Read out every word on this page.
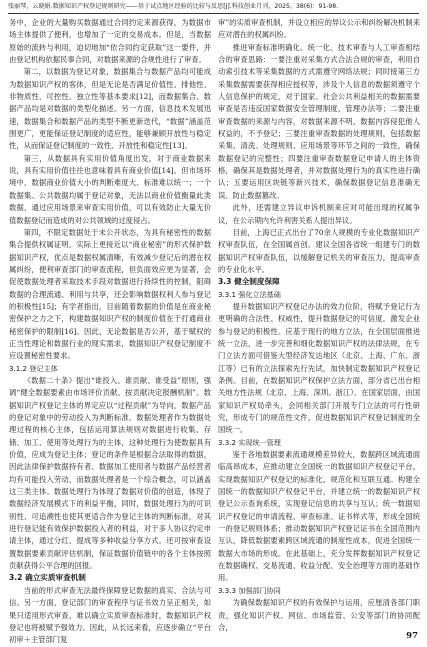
张丽琴，云晓娟.数据知识产权登记规则研究——基于试点地区经验的比较与反思[J].科技创业月刊，2025，38(6)：91-98.

务中，企业的大量购买数据通过合同约定来源获得，为数据市场主体提供了便利，也增加了一定的交易成本。但是，当数据原始的流转与利用，迫切地加“依合同约定获取”这一要件，并由登记机构依据民事合同，对数据来源的合规性进行了审查。

第二，以数据为登记对象，数据集合与数据产品均可能成为数据知识产权的客体，但是无论是否满足价值性、排他性、非物质性、可控性、独立性等基本要求[12]，而数据集合、数据产品均是对数据的类型化描述。另一方面，信息技术发展迅速，数据集合和数据产品的类型不断更新迭代，“数据”涵盖范围更广，更能保证登记制度的适应性，能够兼顾开放性与稳定性，从而保证登记制度的一致性、开放性和稳定性[13]。

第三，从数据具有实用价值角度出发，对于商业数据来说，具有实用价值往往也意味着具有商业价值[14]。但市场环境中，数据商业价值大小的判断难度大、标准难以统一；一个数据集、公共数据均属于登记对象，无法以商业价值衡量此类数据，通过应用场景来审查实用价值，可以有效防止大量无价值数据登记而造成的对公共领域的过度侵占。

第四，不限定数据处于未公开状态，为具有秘密性的数据集合提供权属证明。实际上更接近以“商业秘密”的形式保护数据知识产权，优点是数据权属清晰，有效减少登记后的潜在权属纠纷，便利审查部门的审查流程，但负面效应更为显著，会促使数据处理者采取技术手段对数据进行持续性的控制，阻碍数据的合理流通、利用与共享，还会影响数据权利人参与登记的积极性[15]；有学者指出，目前随着数据的价值是在商业秘密保护之力之下，构建数据知识产权的制度价值在于打通商业秘密保护的限制[16]。因此，无论数据是否公开，基于赋权的正当性理论和数据行业的现实需求，数据知识产权登记制度不应设置秘密性要求。

3.1.2 登记主体

《数据二十条》提出“谁投入、谁贡献、谁受益”原则，强调“健全数据要素由市场评价贡献、按贡献决定报酬机制”。数据知识产权登记主体的界定应以“过程贡献”为导向，数据产品的登记对象中的劳动投入为判断标准。数据处理者作为数据处理过程的核心主体，包括运用算法规则对数据进行收集、存储、加工、使用等处理行为的主体，这种处理行为使数据具有价值，应成为登记主体；登记的条件是根据合法取得的数据，因此法律保护数据持有者、数据加工使用者与数据产品经营者均有可能投入劳动，而数据处理者是一个综合概念，可以涵盖这三类主体。数据处理行为体现了数据对价值的创造，体现了数据经济发展模式下的利益平衡，同时，数据处理行为的可识别性、可追溯性也使其更适合作为登记主体的判断标准，对其进行登记能有效保护数据投入者的利益，对于多人协议约定申请主体，通过分红、提成等多种收益分享方式。还可按审查设置数据要素贡献评估机制，保证数据价值链中的各个主体按照贡献获得公平合理的回报。

3.2 确立实质审查机制

当前的形式审查无法最终保障登记数据的真实、合法与可信。另一方面，登记部门的审查程序与证书效力呈正相关，如果只适用形式审查，难以确立实质审查标准时，数据知识产权登记也将被赋予强效力。因此，从长远来看，应逐步确立“平台初审＋主管部门复

审”的实质审查机制，并设立相应的异议公示和纠纷解决机制来应对潜在的权属纠纷。

推进审查标准明确化、统一化、技术审查与人工审查相结合的审查思路：一要注重对采集方式合法合规的审查，利用自动索引技术等采集数据的方式需遵守网络法规；同时接第三方采集数据需要获得相应授权等，涉及个人信息的数据须遵守个人信息保护的规定，对于国家、社会公共利益相关的数据需要审查是否违反国家数据安全管理制度、管理办法等；二要注重审查数据的来源与内容，对数据来源不明、数据内容侵犯他人权益的，不予登记；三要注重审查数据的处理规则，包括数据采集、清洗、处理规则、应用场景等环节之间的一致性，确保数据登记的完整性；四要注重审查数据登记申请人的主体资格，确保其是数据处理者，并对数据处理行为的真实性进行确认；五要运用区块链等新兴技术，确保数据登记信息准确无误、防止数据篡改。

此外，还需建立异议申诉机制来应对可能出现的权属争议，在公示期内允许利害关系人提出异议。

目前，上海已正式出台了70余人规模的专业化数据知识产权审查队伍，在全国属首创。建议全国各省统一组建专门的数据知识产权审查队伍，以缓解登记机关的审查压力，提高审查的专业化水平。

3.3 健全制度保障

3.3.1 强化立法基础

提升数据知识产权登记办法的效力位阶，将赋予登记行为更明确的合法性、权威性，提升数据登记的可信度，激发企业参与登记的积极性。应基于现行的地方立法，在全国层面推进统一立法，进一步完善和细化数据知识产权的法律法规，在专门立法方面可借鉴大型经济发达地区（北京、上海、广东、浙江等）已有的立法探索先行先试，加快制定数据知识产权登记条例。目前，在数据知识产权保护立法方面，部分省已出台相关地方性法规（北京、上海、深圳、浙江）。在国家层面，由国家知识产权局牵头，会同相关部门开展专门立法的可行性研究，形成专门的规范性文件，促进数据知识产权登记制度的全国统一。

3.3.2 实现统一管理

鉴于各地数据要素流通规模差异较大，数据跨区域流通面临高昂成本，应推动建立全国统一的数据知识产权登记平台，实现数据知识产权登记的标准化、规范化和互联互通。构建全国统一的数据知识产权登记平台，并建立统一的数据知识产权登记公示查询系统，实现登记信息的共享与互认；统一数据知识产权登记的申请流程、审查标准、证书样式等，形成全国统一的登记规则体系；推动数据知识产权登记证书在全国范围内互认，降低数据要素跨区域流通的制度性成本，促进全国统一数据大市场的形成。在此基础上，充分发挥数据知识产权登记在数据确权、交易流通、收益分配、安全治理等方面的基础作用。

3.3.3 加强部门协同

为确保数据知识产权的有效保护与运用，应厘清各部门职责，强化知识产权、网信、市场监管、公安等部门的协同配合，

97
